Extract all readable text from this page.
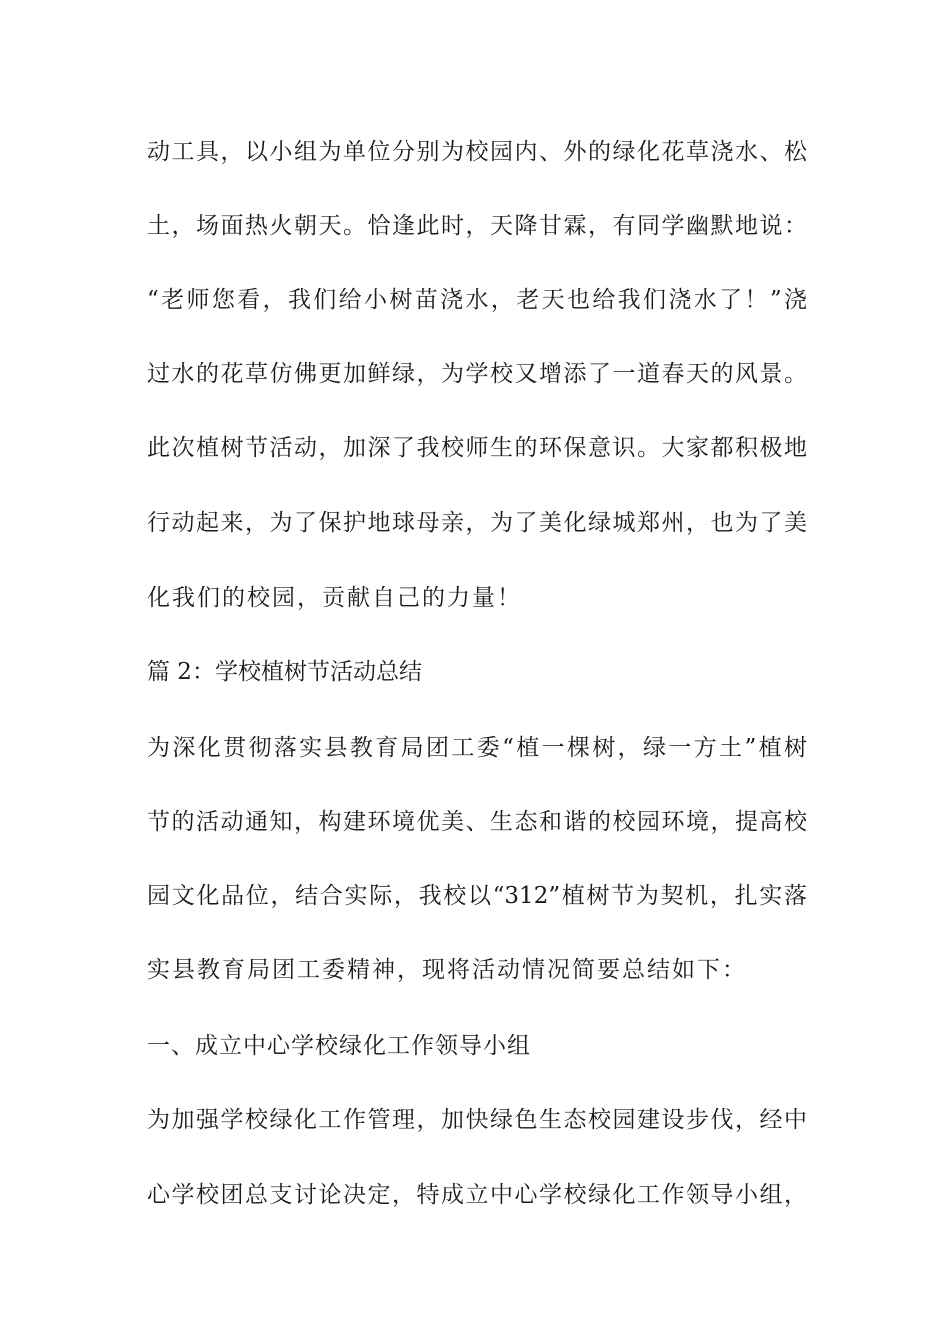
动工具，以小组为单位分别为校园内、外的绿化花草浇水、松
土，场面热火朝天。恰逢此时，天降甘霖，有同学幽默地说：
“老师您看，我们给小树苗浇水，老天也给我们浇水了！”浇
过水的花草仿佛更加鲜绿，为学校又增添了一道春天的风景。
此次植树节活动，加深了我校师生的环保意识。大家都积极地
行动起来，为了保护地球母亲，为了美化绿城郑州，也为了美
化我们的校园，贡献自己的力量！
篇 2：学校植树节活动总结
为深化贯彻落实县教育局团工委“植一棵树，绿一方土”植树
节的活动通知，构建环境优美、生态和谐的校园环境，提高校
园文化品位，结合实际，我校以“312”植树节为契机，扎实落
实县教育局团工委精神，现将活动情况简要总结如下：
一、成立中心学校绿化工作领导小组
为加强学校绿化工作管理，加快绿色生态校园建设步伐，经中
心学校团总支讨论决定，特成立中心学校绿化工作领导小组，
